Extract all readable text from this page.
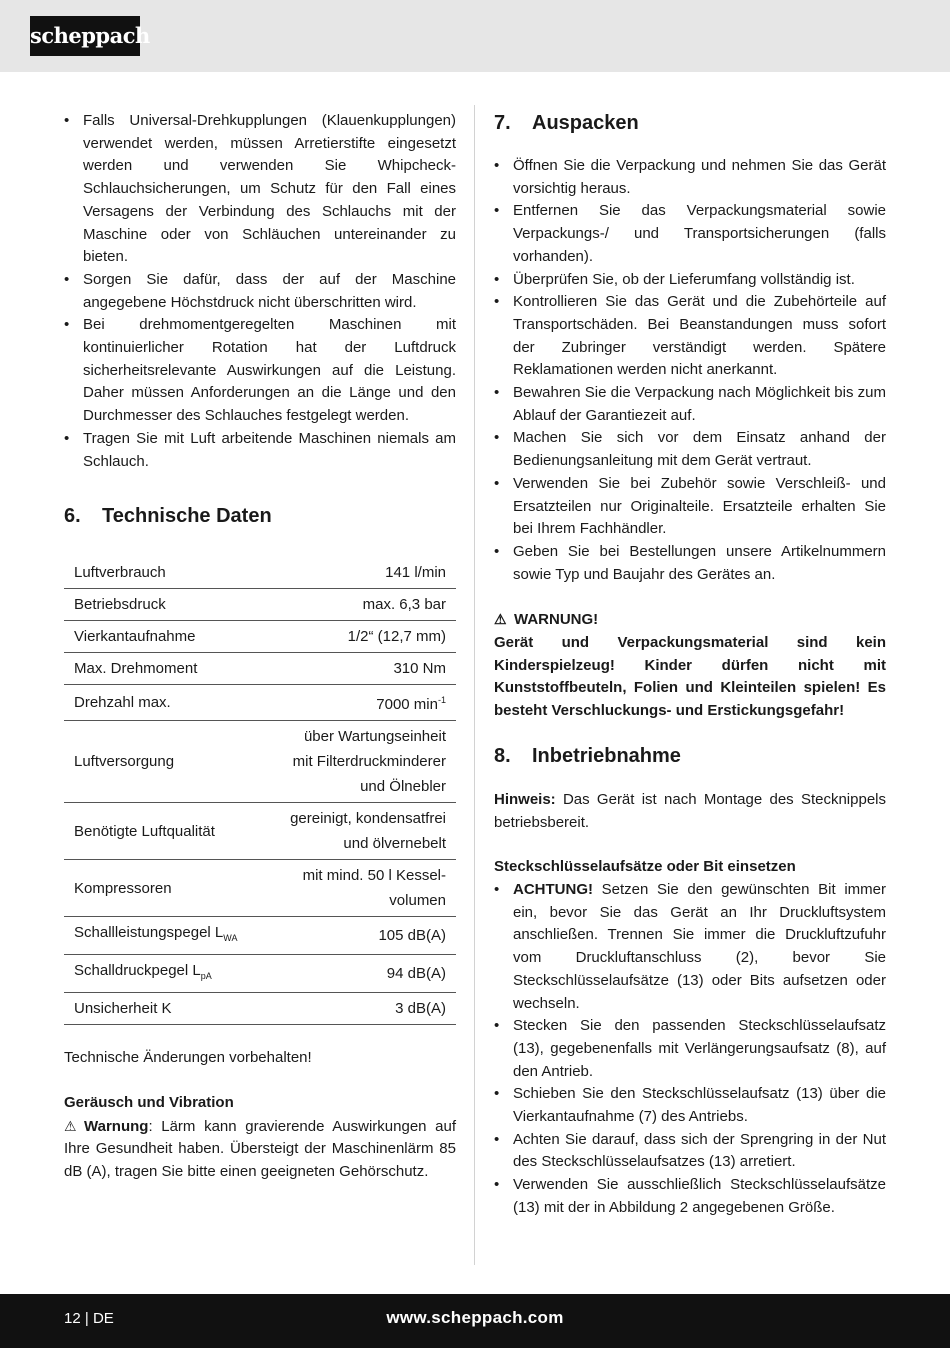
scheppach
• Falls Universal-Drehkupplungen (Klauenkupplungen) verwendet werden, müssen Arretierstifte eingesetzt werden und verwenden Sie Whipcheck-Schlauchsicherungen, um Schutz für den Fall eines Versagens der Verbindung des Schlauchs mit der Maschine oder von Schläuchen untereinander zu bieten.
• Sorgen Sie dafür, dass der auf der Maschine angegebene Höchstdruck nicht überschritten wird.
• Bei drehmomentgeregelten Maschinen mit kontinuierlicher Rotation hat der Luftdruck sicherheitsrelevante Auswirkungen auf die Leistung. Daher müssen Anforderungen an die Länge und den Durchmesser des Schlauches festgelegt werden.
• Tragen Sie mit Luft arbeitende Maschinen niemals am Schlauch.
6.	Technische Daten
Luftverbrauch	141 l/min
Betriebsdruck	max. 6,3 bar
Vierkantaufnahme	1/2“ (12,7 mm)
Max. Drehmoment	310 Nm
Drehzahl max.	7000 $\min^{-1}$
Luftversorgung	über Wartungseinheit
mit Filterdruckminderer
und Ölnebler

Benötigte Luftqualität	gereinigt, kondensatfrei
und ölvernebelt

Kompressoren	mit mind. 50 l Kessel-
volumen

Schallleistungspegel $L_{WA}$	105 dB(A)
Schalldruckpegel $L_{pA}$	94 dB(A)
Unsicherheit K	3 dB(A)

Technische Änderungen vorbehalten!

Geräusch und Vibration

⚠ Warnung: Lärm kann gravierende Auswirkungen auf Ihre Gesundheit haben. Übersteigt der Maschinenlärm 85 dB (A), tragen Sie bitte einen geeigneten Gehörschutz.

7.	Auspacken
• Öffnen Sie die Verpackung und nehmen Sie das Gerät vorsichtig heraus.
• Entfernen Sie das Verpackungsmaterial sowie Verpackungs-/ und Transportsicherungen (falls vorhanden).
• Überprüfen Sie, ob der Lieferumfang vollständig ist.
• Kontrollieren Sie das Gerät und die Zubehörteile auf Transportschäden. Bei Beanstandungen muss sofort der Zubringer verständigt werden. Spätere Reklamationen werden nicht anerkannt.
• Bewahren Sie die Verpackung nach Möglichkeit bis zum Ablauf der Garantiezeit auf.
• Machen Sie sich vor dem Einsatz anhand der Bedienungsanleitung mit dem Gerät vertraut.
• Verwenden Sie bei Zubehör sowie Verschleiß- und Ersatzteilen nur Originalteile. Ersatzteile erhalten Sie bei Ihrem Fachhändler.
• Geben Sie bei Bestellungen unsere Artikelnummern sowie Typ und Baujahr des Gerätes an.

⚠ WARNUNG!

Gerät und Verpackungsmaterial sind kein Kinderspielzeug! Kinder dürfen nicht mit Kunststoffbeuteln, Folien und Kleinteilen spielen! Es besteht Verschluckungs- und Erstickungsgefahr!

8.	Inbetriebnahme

Hinweis: Das Gerät ist nach Montage des Stecknippels betriebsbereit.

Steckschlüsselaufsätze oder Bit einsetzen

• ACHTUNG! Setzen Sie den gewünschten Bit immer ein, bevor Sie das Gerät an Ihr Druckluftsystem anschließen. Trennen Sie immer die Druckluftzufuhr vom Druckluftanschluss (2), bevor Sie Steckschlüsselaufsätze (13) oder Bits aufsetzen oder wechseln.
• Stecken Sie den passenden Steckschlüsselaufsatz (13), gegebenenfalls mit Verlängerungsaufsatz (8), auf den Antrieb.
• Schieben Sie den Steckschlüsselaufsatz (13) über die Vierkantaufnahme (7) des Antriebs.
• Achten Sie darauf, dass sich der Sprengring in der Nut des Steckschlüsselaufsatzes (13) arretiert.
• Verwenden Sie ausschließlich Steckschlüsselaufsätze (13) mit der in Abbildung 2 angegebenen Größe.
12 | DE	www.scheppach.com
